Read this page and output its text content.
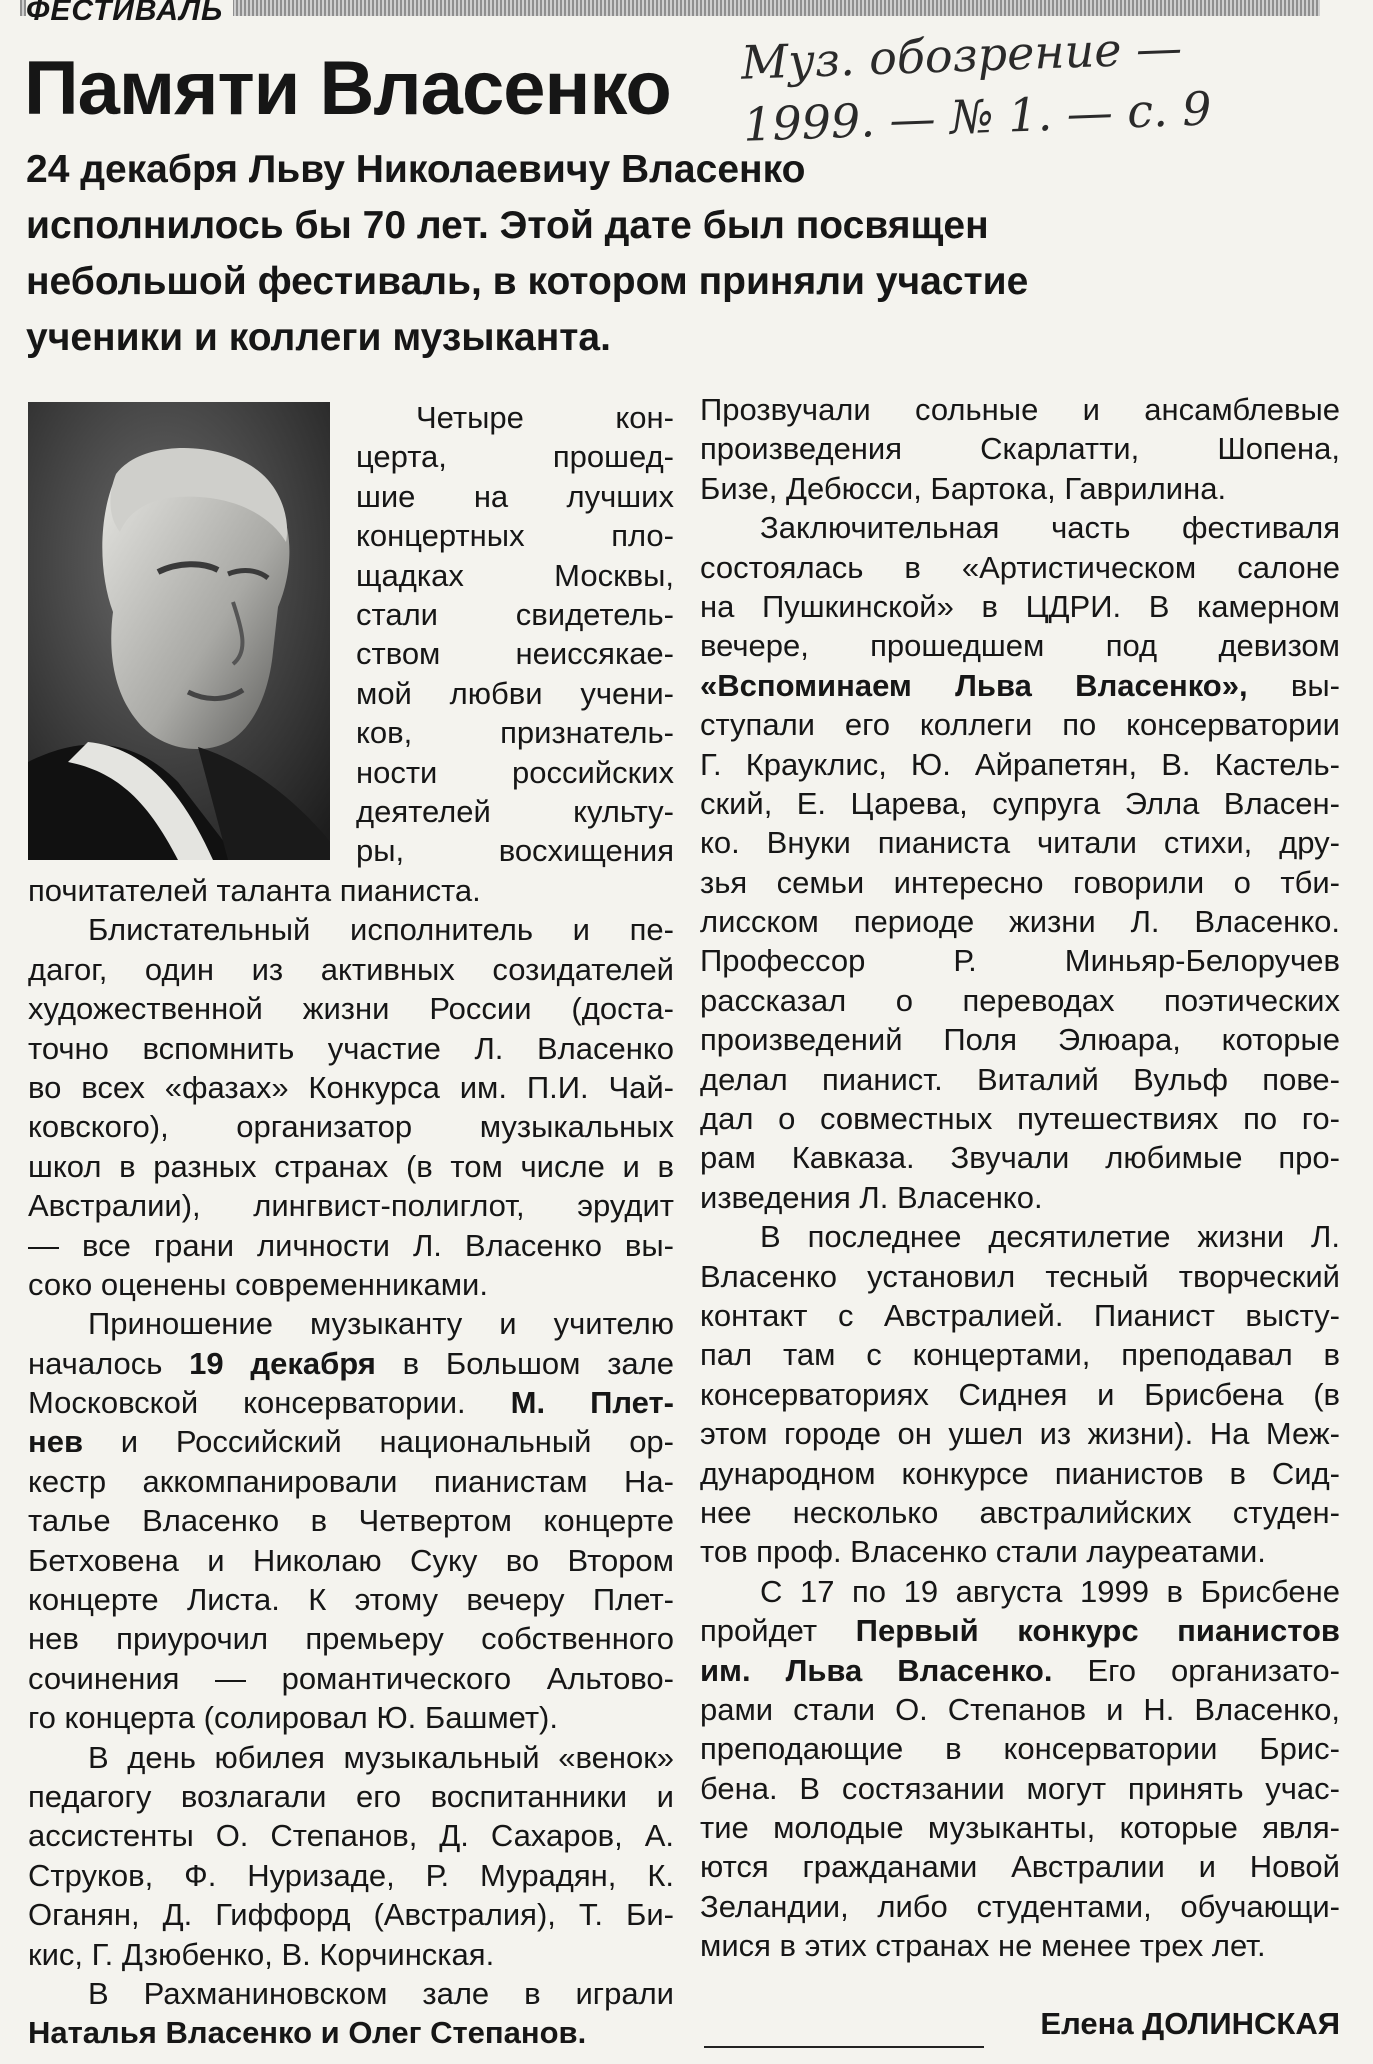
ФЕСТИВАЛЬ
Памяти Власенко Муз. обозрение —
1999. — № 1. — с. 9
24 декабря Льву Николаевичу Власенко
исполнилось бы 70 лет. Этой дате был посвящен
небольшой фестиваль, в котором приняли участие
ученики и коллеги музыканта.
Четыре кон-
церта, прошед-
шие на лучших
концертных пло-
щадках Москвы,
стали свидетель-
ством неиссякае-
мой любви учени-
ков, признатель-
ности российских
деятелей культу-
ры, восхищения
почитателей таланта пианиста.
Блистательный исполнитель и пе-
дагог, один из активных созидателей
художественной жизни России (доста-
точно вспомнить участие Л. Власенко
во всех «фазах» Конкурса им. П.И. Чай-
ковского), организатор музыкальных
школ в разных странах (в том числе и в
Австралии), лингвист-полиглот, эрудит
— все грани личности Л. Власенко вы-
соко оценены современниками.
Приношение музыканту и учителю
началось 19 декабря в Большом зале
Московской консерватории. М. Плет-
нев и Российский национальный ор-
кестр аккомпанировали пианистам На-
талье Власенко в Четвертом концерте
Бетховена и Николаю Суку во Втором
концерте Листа. К этому вечеру Плет-
нев приурочил премьеру собственного
сочинения — романтического Альтово-
го концерта (солировал Ю. Башмет).
В день юбилея музыкальный «венок»
педагогу возлагали его воспитанники и
ассистенты О. Степанов, Д. Сахаров, А.
Струков, Ф. Нуризаде, Р. Мурадян, К.
Оганян, Д. Гиффорд (Австралия), Т. Би-
кис, Г. Дзюбенко, В. Корчинская.
В Рахманиновском зале в играли
Наталья Власенко и Олег Степанов.
Прозвучали сольные и ансамблевые
произведения Скарлатти, Шопена,
Бизе, Дебюсси, Бартока, Гаврилина.
Заключительная часть фестиваля
состоялась в «Артистическом салоне
на Пушкинской» в ЦДРИ. В камерном
вечере, прошедшем под девизом
«Вспоминаем Льва Власенко», вы-
ступали его коллеги по консерватории
Г. Крауклис, Ю. Айрапетян, В. Кастель-
ский, Е. Царева, супруга Элла Власен-
ко. Внуки пианиста читали стихи, дру-
зья семьи интересно говорили о тби-
лисском периоде жизни Л. Власенко.
Профессор Р. Миньяр-Белоручев
рассказал о переводах поэтических
произведений Поля Элюара, которые
делал пианист. Виталий Вульф пове-
дал о совместных путешествиях по го-
рам Кавказа. Звучали любимые про-
изведения Л. Власенко.
В последнее десятилетие жизни Л.
Власенко установил тесный творческий
контакт с Австралией. Пианист высту-
пал там с концертами, преподавал в
консерваториях Сиднея и Брисбена (в
этом городе он ушел из жизни). На Меж-
дународном конкурсе пианистов в Сид-
нее несколько австралийских студен-
тов проф. Власенко стали лауреатами.
С 17 по 19 августа 1999 в Брисбене
пройдет Первый конкурс пианистов
им. Льва Власенко. Его организато-
рами стали О. Степанов и Н. Власенко,
преподающие в консерватории Брис-
бена. В состязании могут принять учас-
тие молодые музыканты, которые явля-
ются гражданами Австралии и Новой
Зеландии, либо студентами, обучающи-
мися в этих странах не менее трех лет.
Елена ДОЛИНСКАЯ
